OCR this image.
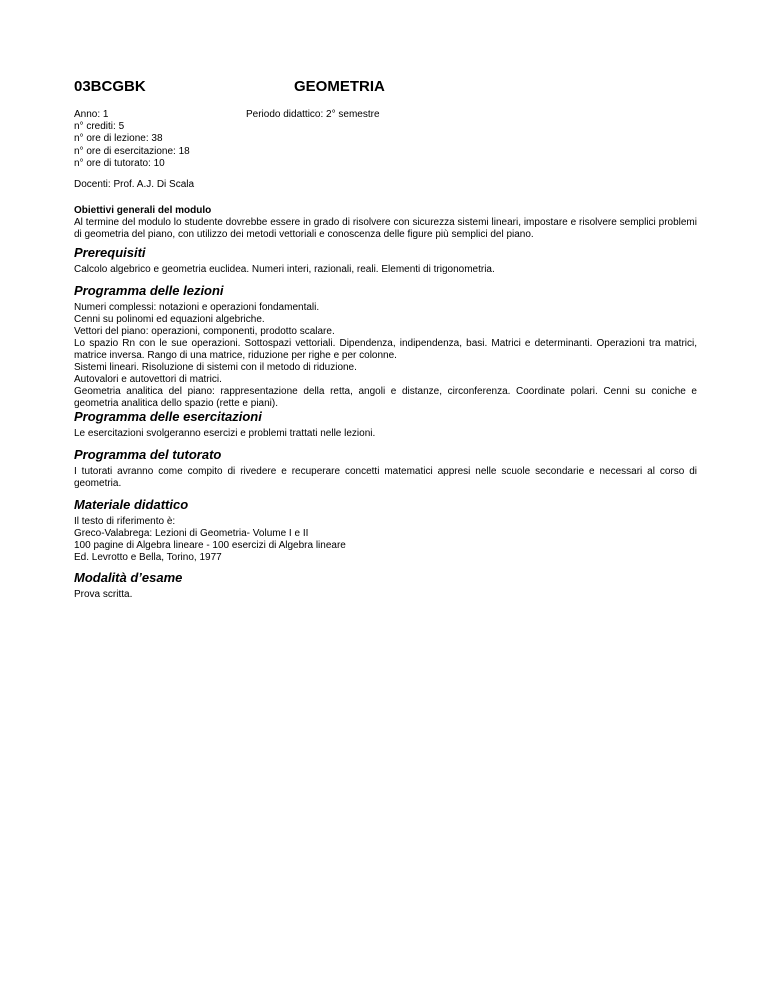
03BCGBK	GEOMETRIA
Anno: 1
n° crediti: 5
n° ore di lezione: 38
n° ore di esercitazione: 18
n° ore di tutorato: 10
Periodo didattico: 2° semestre
Docenti: Prof. A.J. Di Scala
Obiettivi generali del modulo

Al termine del modulo lo studente dovrebbe essere in grado di risolvere con sicurezza sistemi lineari, impostare e risolvere semplici problemi di geometria del piano, con utilizzo dei metodi vettoriali e conoscenza delle figure più semplici del piano.

Prerequisiti

Calcolo algebrico e geometria euclidea. Numeri interi, razionali, reali. Elementi di trigonometria.

Programma delle lezioni
Numeri complessi: notazioni e operazioni fondamentali.
Cenni su polinomi ed equazioni algebriche.
Vettori del piano: operazioni, componenti, prodotto scalare.
Lo spazio Rn con le sue operazioni. Sottospazi vettoriali. Dipendenza, indipendenza, basi. Matrici e determinanti. Operazioni tra matrici, matrice inversa. Rango di una matrice, riduzione per righe e per colonne.
Sistemi lineari. Risoluzione di sistemi con il metodo di riduzione.
Autovalori e autovettori di matrici.
Geometria analitica del piano: rappresentazione della retta, angoli e distanze, circonferenza. Coordinate polari. Cenni su coniche e geometria analitica dello spazio (rette e piani).
Programma delle esercitazioni

Le esercitazioni svolgeranno esercizi e problemi trattati nelle lezioni.

Programma del tutorato

I tutorati avranno come compito di rivedere e recuperare concetti matematici appresi nelle scuole secondarie e necessari al corso di geometria.

Materiale didattico
Il testo di riferimento è:
Greco-Valabrega: Lezioni di Geometria- Volume I e II
100 pagine di Algebra lineare - 100 esercizi di Algebra lineare
Ed. Levrotto e Bella, Torino, 1977
Modalità d’esame

Prova scritta.
